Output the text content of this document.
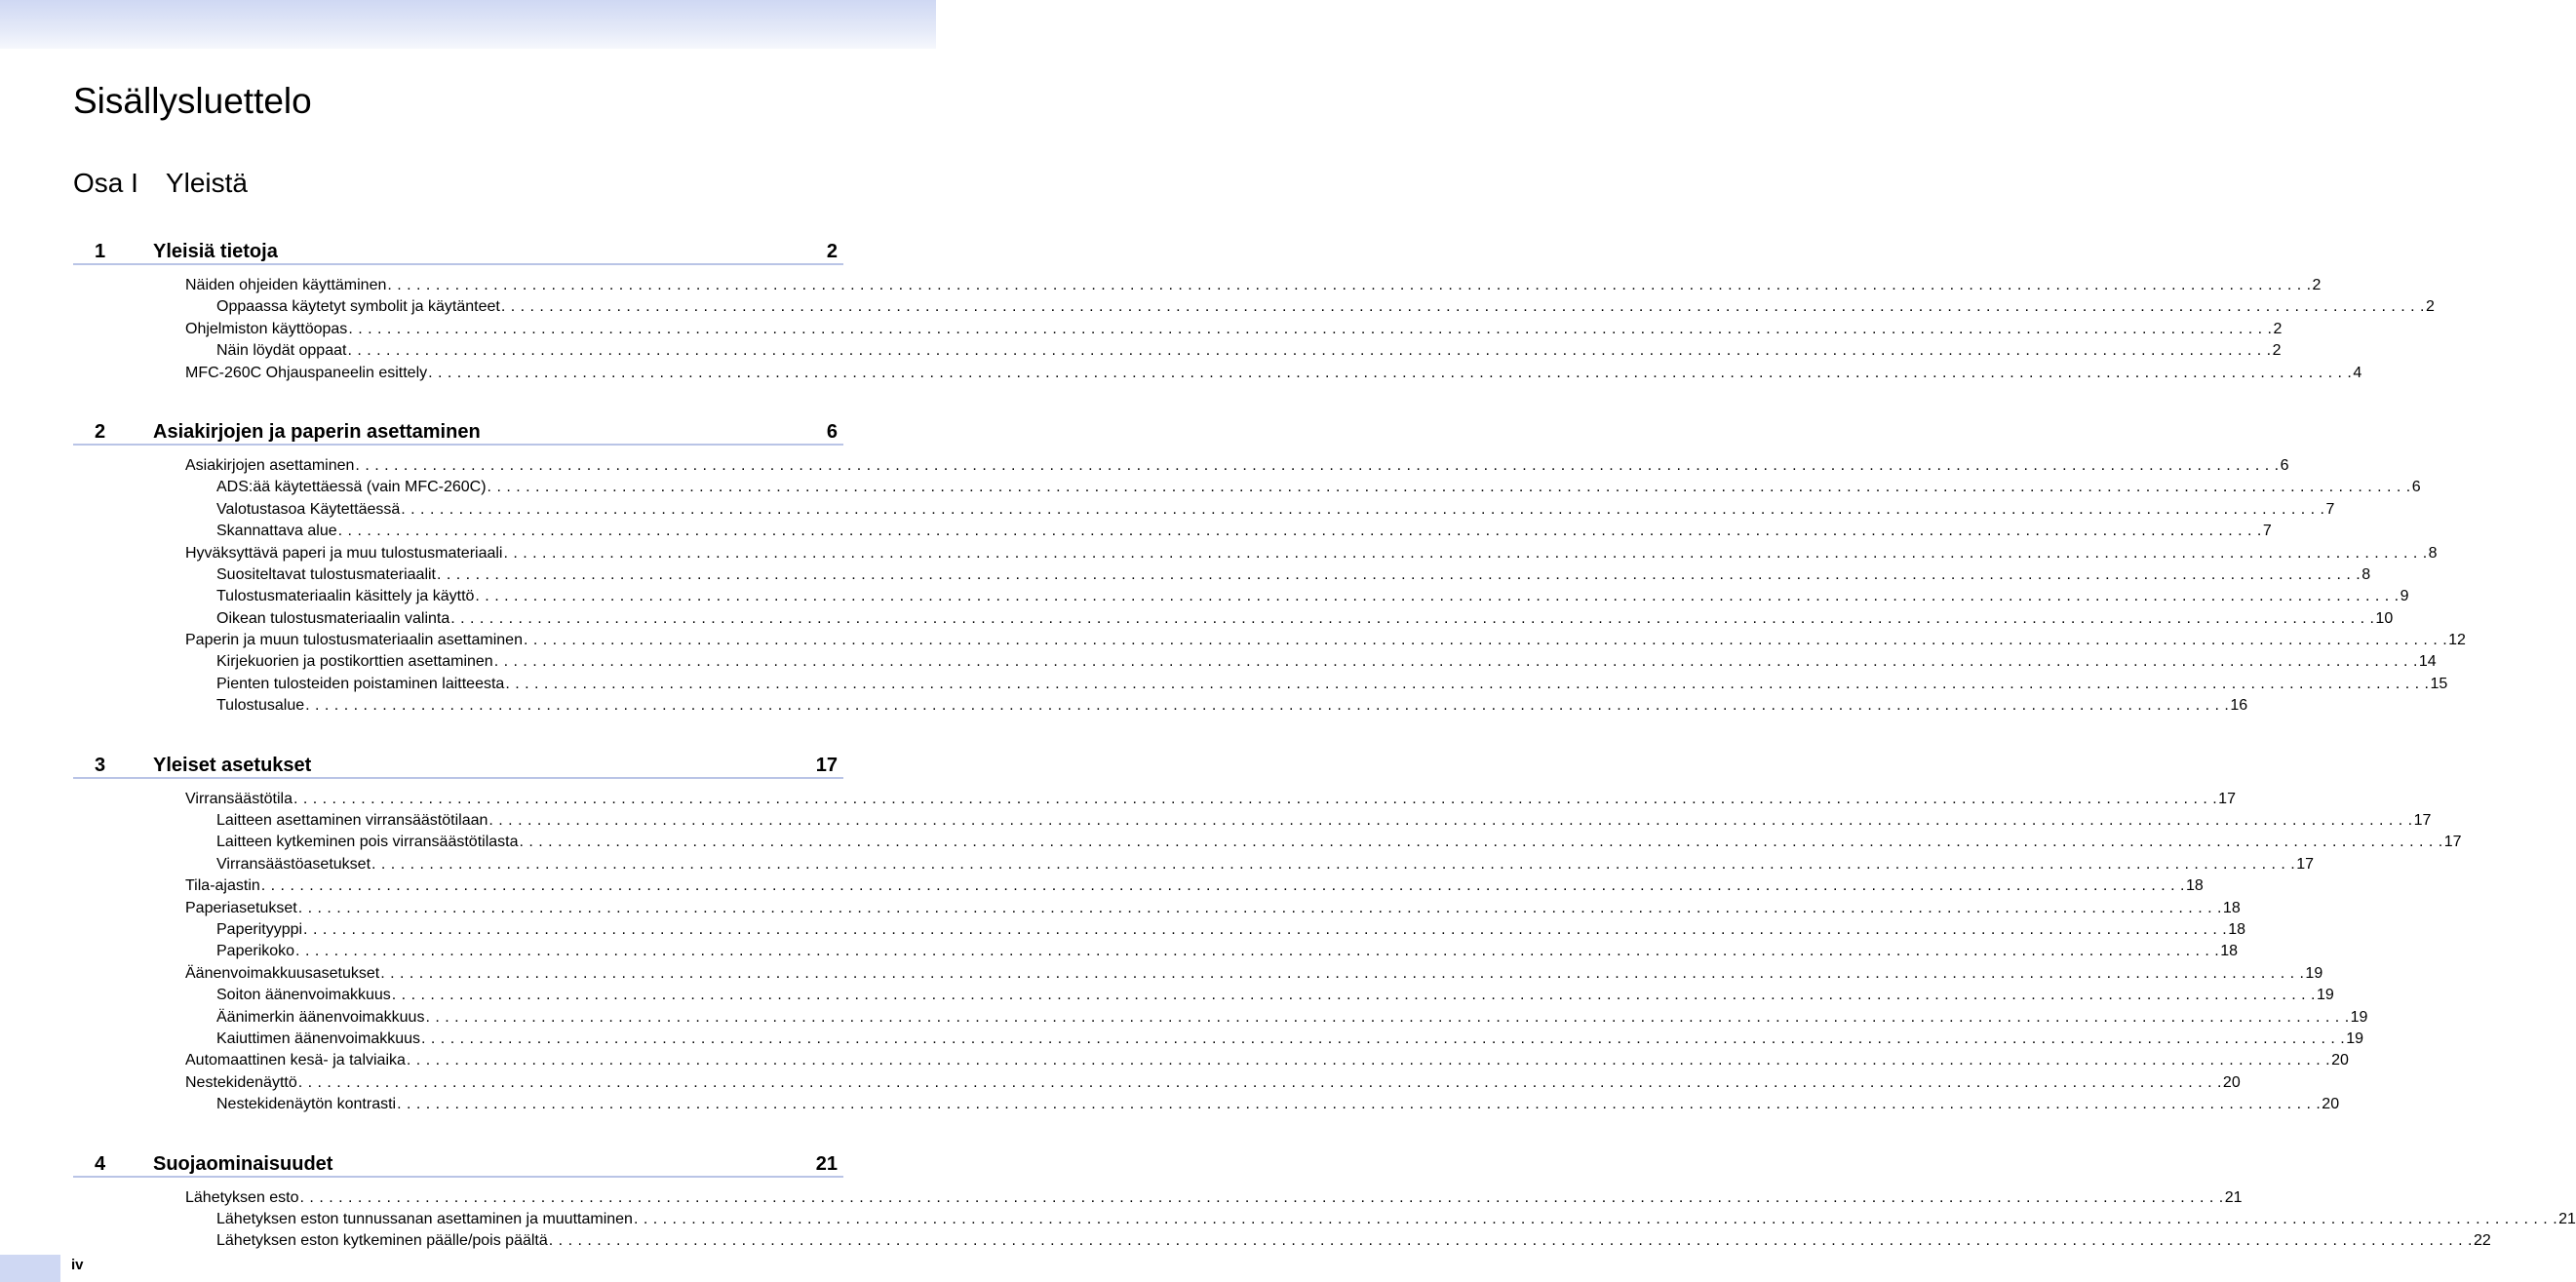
Sisällysluettelo
Osa I Yleistä
1	Yleisiä tietoja	2
Näiden ohjeiden käyttäminen . . . . . . . . . . . . . . . . . . . . . . . . . . . . . . . . . . . . . . . . . . . . . . . . . . . . . . . . . . . . . . . . . . . . . . . . . . . . . . . . . . . . . . . . . . . . . . . . . . . . . . . . . . . . . . . . . . . . . . . . . . . . . . . . . . . . . . . . . . . . . . . . . . . . . . . . . . . . . . . . . . . . . . . . . . . . . . . . . . . . . . . . . . . . . . . . . . . . . . . . 2
Oppaassa käytetyt symbolit ja käytänteet . . . . . . . . . . . . . . . . . . . . . . . . . . . . . . . . . . . . . . . . . . . . . . . . . . . . . . . . . . . . . . . . . . . . . . . . . . . . . . . . . . . . . . . . . . . . . . . . . . . . . . . . . . . . . . . . . . . . . . . . . . . . . . . . . . . . . . . . . . . . . . . . . . . . . . . . . . . . . . . . . . . . . . . . . . . . . . . . . . . . . . . . . . . . . . . . . . . . . . . . 2
Ohjelmiston käyttöopas . . . . . . . . . . . . . . . . . . . . . . . . . . . . . . . . . . . . . . . . . . . . . . . . . . . . . . . . . . . . . . . . . . . . . . . . . . . . . . . . . . . . . . . . . . . . . . . . . . . . . . . . . . . . . . . . . . . . . . . . . . . . . . . . . . . . . . . . . . . . . . . . . . . . . . . . . . . . . . . . . . . . . . . . . . . . . . . . . . . . . . . . . . . . . . . . . . . . . . . . 2
Näin löydät oppaat . . . . . . . . . . . . . . . . . . . . . . . . . . . . . . . . . . . . . . . . . . . . . . . . . . . . . . . . . . . . . . . . . . . . . . . . . . . . . . . . . . . . . . . . . . . . . . . . . . . . . . . . . . . . . . . . . . . . . . . . . . . . . . . . . . . . . . . . . . . . . . . . . . . . . . . . . . . . . . . . . . . . . . . . . . . . . . . . . . . . . . . . . . . . . . . . . . . . . . . . 2
MFC-260C Ohjauspaneelin esittely . . . . . . . . . . . . . . . . . . . . . . . . . . . . . . . . . . . . . . . . . . . . . . . . . . . . . . . . . . . . . . . . . . . . . . . . . . . . . . . . . . . . . . . . . . . . . . . . . . . . . . . . . . . . . . . . . . . . . . . . . . . . . . . . . . . . . . . . . . . . . . . . . . . . . . . . . . . . . . . . . . . . . . . . . . . . . . . . . . . . . . . . . . . . . . . . . . . . . . . . 4
2	Asiakirjojen ja paperin asettaminen	6
Asiakirjojen asettaminen . . . . . . . . . . . . . . . . . . . . . . . . . . . . . . . . . . . . . . . . . . . . . . . . . . . . . . . . . . . . . . . . . . . . . . . . . . . . . . . . . . . . . . . . . . . . . . . . . . . . . . . . . . . . . . . . . . . . . . . . . . . . . . . . . . . . . . . . . . . . . . . . . . . . . . . . . . . . . . . . . . . . . . . . . . . . . . . . . . . . . . . . . . . . . . . . . . . . . . . . 6
ADS:ää käytettäessä (vain MFC-260C) . . . . . . . . . . . . . . . . . . . . . . . . . . . . . . . . . . . . . . . . . . . . . . . . . . . . . . . . . . . . . . . . . . . . . . . . . . . . . . . . . . . . . . . . . . . . . . . . . . . . . . . . . . . . . . . . . . . . . . . . . . . . . . . . . . . . . . . . . . . . . . . . . . . . . . . . . . . . . . . . . . . . . . . . . . . . . . . . . . . . . . . . . . . . . . . . . . . . . . . . 6
Valotustasoa Käytettäessä . . . . . . . . . . . . . . . . . . . . . . . . . . . . . . . . . . . . . . . . . . . . . . . . . . . . . . . . . . . . . . . . . . . . . . . . . . . . . . . . . . . . . . . . . . . . . . . . . . . . . . . . . . . . . . . . . . . . . . . . . . . . . . . . . . . . . . . . . . . . . . . . . . . . . . . . . . . . . . . . . . . . . . . . . . . . . . . . . . . . . . . . . . . . . . . . . . . . . . . . 7
Skannattava alue . . . . . . . . . . . . . . . . . . . . . . . . . . . . . . . . . . . . . . . . . . . . . . . . . . . . . . . . . . . . . . . . . . . . . . . . . . . . . . . . . . . . . . . . . . . . . . . . . . . . . . . . . . . . . . . . . . . . . . . . . . . . . . . . . . . . . . . . . . . . . . . . . . . . . . . . . . . . . . . . . . . . . . . . . . . . . . . . . . . . . . . . . . . . . . . . . . . . . . . . 7
Hyväksyttävä paperi ja muu tulostusmateriaali . . . . . . . . . . . . . . . . . . . . . . . . . . . . . . . . . . . . . . . . . . . . . . . . . . . . . . . . . . . . . . . . . . . . . . . . . . . . . . . . . . . . . . . . . . . . . . . . . . . . . . . . . . . . . . . . . . . . . . . . . . . . . . . . . . . . . . . . . . . . . . . . . . . . . . . . . . . . . . . . . . . . . . . . . . . . . . . . . . . . . . . . . . . . . . . . . . . . . . . . 8
Suositeltavat tulostusmateriaalit . . . . . . . . . . . . . . . . . . . . . . . . . . . . . . . . . . . . . . . . . . . . . . . . . . . . . . . . . . . . . . . . . . . . . . . . . . . . . . . . . . . . . . . . . . . . . . . . . . . . . . . . . . . . . . . . . . . . . . . . . . . . . . . . . . . . . . . . . . . . . . . . . . . . . . . . . . . . . . . . . . . . . . . . . . . . . . . . . . . . . . . . . . . . . . . . . . . . . . . . 8
Tulostusmateriaalin käsittely ja käyttö . . . . . . . . . . . . . . . . . . . . . . . . . . . . . . . . . . . . . . . . . . . . . . . . . . . . . . . . . . . . . . . . . . . . . . . . . . . . . . . . . . . . . . . . . . . . . . . . . . . . . . . . . . . . . . . . . . . . . . . . . . . . . . . . . . . . . . . . . . . . . . . . . . . . . . . . . . . . . . . . . . . . . . . . . . . . . . . . . . . . . . . . . . . . . . . . . . . . . . . . 9
Oikean tulostusmateriaalin valinta . . . . . . . . . . . . . . . . . . . . . . . . . . . . . . . . . . . . . . . . . . . . . . . . . . . . . . . . . . . . . . . . . . . . . . . . . . . . . . . . . . . . . . . . . . . . . . . . . . . . . . . . . . . . . . . . . . . . . . . . . . . . . . . . . . . . . . . . . . . . . . . . . . . . . . . . . . . . . . . . . . . . . . . . . . . . . . . . . . . . . . . . . . . . . . . . . . . . . . . . 10
Paperin ja muun tulostusmateriaalin asettaminen . . . . . . . . . . . . . . . . . . . . . . . . . . . . . . . . . . . . . . . . . . . . . . . . . . . . . . . . . . . . . . . . . . . . . . . . . . . . . . . . . . . . . . . . . . . . . . . . . . . . . . . . . . . . . . . . . . . . . . . . . . . . . . . . . . . . . . . . . . . . . . . . . . . . . . . . . . . . . . . . . . . . . . . . . . . . . . . . . . . . . . . . . . . . . . . . . . . . . . . . 12
Kirjekuorien ja postikorttien asettaminen . . . . . . . . . . . . . . . . . . . . . . . . . . . . . . . . . . . . . . . . . . . . . . . . . . . . . . . . . . . . . . . . . . . . . . . . . . . . . . . . . . . . . . . . . . . . . . . . . . . . . . . . . . . . . . . . . . . . . . . . . . . . . . . . . . . . . . . . . . . . . . . . . . . . . . . . . . . . . . . . . . . . . . . . . . . . . . . . . . . . . . . . . . . . . . . . . . . . . . . . 14
Pienten tulosteiden poistaminen laitteesta . . . . . . . . . . . . . . . . . . . . . . . . . . . . . . . . . . . . . . . . . . . . . . . . . . . . . . . . . . . . . . . . . . . . . . . . . . . . . . . . . . . . . . . . . . . . . . . . . . . . . . . . . . . . . . . . . . . . . . . . . . . . . . . . . . . . . . . . . . . . . . . . . . . . . . . . . . . . . . . . . . . . . . . . . . . . . . . . . . . . . . . . . . . . . . . . . . . . . . . . 15
Tulostusalue . . . . . . . . . . . . . . . . . . . . . . . . . . . . . . . . . . . . . . . . . . . . . . . . . . . . . . . . . . . . . . . . . . . . . . . . . . . . . . . . . . . . . . . . . . . . . . . . . . . . . . . . . . . . . . . . . . . . . . . . . . . . . . . . . . . . . . . . . . . . . . . . . . . . . . . . . . . . . . . . . . . . . . . . . . . . . . . . . . . . . . . . . . . . . . . . . . . . . . . . 16
3	Yleiset asetukset	17
Virransäästötila . . . . . . . . . . . . . . . . . . . . . . . . . . . . . . . . . . . . . . . . . . . . . . . . . . . . . . . . . . . . . . . . . . . . . . . . . . . . . . . . . . . . . . . . . . . . . . . . . . . . . . . . . . . . . . . . . . . . . . . . . . . . . . . . . . . . . . . . . . . . . . . . . . . . . . . . . . . . . . . . . . . . . . . . . . . . . . . . . . . . . . . . . . . . . . . . . . . . . . . . 17
Laitteen asettaminen virransäästötilaan . . . . . . . . . . . . . . . . . . . . . . . . . . . . . . . . . . . . . . . . . . . . . . . . . . . . . . . . . . . . . . . . . . . . . . . . . . . . . . . . . . . . . . . . . . . . . . . . . . . . . . . . . . . . . . . . . . . . . . . . . . . . . . . . . . . . . . . . . . . . . . . . . . . . . . . . . . . . . . . . . . . . . . . . . . . . . . . . . . . . . . . . . . . . . . . . . . . . . . . . 17
Laitteen kytkeminen pois virransäästötilasta . . . . . . . . . . . . . . . . . . . . . . . . . . . . . . . . . . . . . . . . . . . . . . . . . . . . . . . . . . . . . . . . . . . . . . . . . . . . . . . . . . . . . . . . . . . . . . . . . . . . . . . . . . . . . . . . . . . . . . . . . . . . . . . . . . . . . . . . . . . . . . . . . . . . . . . . . . . . . . . . . . . . . . . . . . . . . . . . . . . . . . . . . . . . . . . . . . . . . . . . 17
Virransäästöasetukset . . . . . . . . . . . . . . . . . . . . . . . . . . . . . . . . . . . . . . . . . . . . . . . . . . . . . . . . . . . . . . . . . . . . . . . . . . . . . . . . . . . . . . . . . . . . . . . . . . . . . . . . . . . . . . . . . . . . . . . . . . . . . . . . . . . . . . . . . . . . . . . . . . . . . . . . . . . . . . . . . . . . . . . . . . . . . . . . . . . . . . . . . . . . . . . . . . . . . . . . 17
Tila-ajastin . . . . . . . . . . . . . . . . . . . . . . . . . . . . . . . . . . . . . . . . . . . . . . . . . . . . . . . . . . . . . . . . . . . . . . . . . . . . . . . . . . . . . . . . . . . . . . . . . . . . . . . . . . . . . . . . . . . . . . . . . . . . . . . . . . . . . . . . . . . . . . . . . . . . . . . . . . . . . . . . . . . . . . . . . . . . . . . . . . . . . . . . . . . . . . . . . . . . . . . . 18
Paperiasetukset . . . . . . . . . . . . . . . . . . . . . . . . . . . . . . . . . . . . . . . . . . . . . . . . . . . . . . . . . . . . . . . . . . . . . . . . . . . . . . . . . . . . . . . . . . . . . . . . . . . . . . . . . . . . . . . . . . . . . . . . . . . . . . . . . . . . . . . . . . . . . . . . . . . . . . . . . . . . . . . . . . . . . . . . . . . . . . . . . . . . . . . . . . . . . . . . . . . . . . . . 18
Paperityyppi . . . . . . . . . . . . . . . . . . . . . . . . . . . . . . . . . . . . . . . . . . . . . . . . . . . . . . . . . . . . . . . . . . . . . . . . . . . . . . . . . . . . . . . . . . . . . . . . . . . . . . . . . . . . . . . . . . . . . . . . . . . . . . . . . . . . . . . . . . . . . . . . . . . . . . . . . . . . . . . . . . . . . . . . . . . . . . . . . . . . . . . . . . . . . . . . . . . . . . . . 18
Paperikoko . . . . . . . . . . . . . . . . . . . . . . . . . . . . . . . . . . . . . . . . . . . . . . . . . . . . . . . . . . . . . . . . . . . . . . . . . . . . . . . . . . . . . . . . . . . . . . . . . . . . . . . . . . . . . . . . . . . . . . . . . . . . . . . . . . . . . . . . . . . . . . . . . . . . . . . . . . . . . . . . . . . . . . . . . . . . . . . . . . . . . . . . . . . . . . . . . . . . . . . . 18
Äänenvoimakkuusasetukset . . . . . . . . . . . . . . . . . . . . . . . . . . . . . . . . . . . . . . . . . . . . . . . . . . . . . . . . . . . . . . . . . . . . . . . . . . . . . . . . . . . . . . . . . . . . . . . . . . . . . . . . . . . . . . . . . . . . . . . . . . . . . . . . . . . . . . . . . . . . . . . . . . . . . . . . . . . . . . . . . . . . . . . . . . . . . . . . . . . . . . . . . . . . . . . . . . . . . . . . 19
Soiton äänenvoimakkuus . . . . . . . . . . . . . . . . . . . . . . . . . . . . . . . . . . . . . . . . . . . . . . . . . . . . . . . . . . . . . . . . . . . . . . . . . . . . . . . . . . . . . . . . . . . . . . . . . . . . . . . . . . . . . . . . . . . . . . . . . . . . . . . . . . . . . . . . . . . . . . . . . . . . . . . . . . . . . . . . . . . . . . . . . . . . . . . . . . . . . . . . . . . . . . . . . . . . . . . . 19
Äänimerkin äänenvoimakkuus . . . . . . . . . . . . . . . . . . . . . . . . . . . . . . . . . . . . . . . . . . . . . . . . . . . . . . . . . . . . . . . . . . . . . . . . . . . . . . . . . . . . . . . . . . . . . . . . . . . . . . . . . . . . . . . . . . . . . . . . . . . . . . . . . . . . . . . . . . . . . . . . . . . . . . . . . . . . . . . . . . . . . . . . . . . . . . . . . . . . . . . . . . . . . . . . . . . . . . . . 19
Kaiuttimen äänenvoimakkuus . . . . . . . . . . . . . . . . . . . . . . . . . . . . . . . . . . . . . . . . . . . . . . . . . . . . . . . . . . . . . . . . . . . . . . . . . . . . . . . . . . . . . . . . . . . . . . . . . . . . . . . . . . . . . . . . . . . . . . . . . . . . . . . . . . . . . . . . . . . . . . . . . . . . . . . . . . . . . . . . . . . . . . . . . . . . . . . . . . . . . . . . . . . . . . . . . . . . . . . . 19
Automaattinen kesä- ja talviaika . . . . . . . . . . . . . . . . . . . . . . . . . . . . . . . . . . . . . . . . . . . . . . . . . . . . . . . . . . . . . . . . . . . . . . . . . . . . . . . . . . . . . . . . . . . . . . . . . . . . . . . . . . . . . . . . . . . . . . . . . . . . . . . . . . . . . . . . . . . . . . . . . . . . . . . . . . . . . . . . . . . . . . . . . . . . . . . . . . . . . . . . . . . . . . . . . . . . . . . . 20
Nestekidenäyttö . . . . . . . . . . . . . . . . . . . . . . . . . . . . . . . . . . . . . . . . . . . . . . . . . . . . . . . . . . . . . . . . . . . . . . . . . . . . . . . . . . . . . . . . . . . . . . . . . . . . . . . . . . . . . . . . . . . . . . . . . . . . . . . . . . . . . . . . . . . . . . . . . . . . . . . . . . . . . . . . . . . . . . . . . . . . . . . . . . . . . . . . . . . . . . . . . . . . . . . . 20
Nestekidenäytön kontrasti . . . . . . . . . . . . . . . . . . . . . . . . . . . . . . . . . . . . . . . . . . . . . . . . . . . . . . . . . . . . . . . . . . . . . . . . . . . . . . . . . . . . . . . . . . . . . . . . . . . . . . . . . . . . . . . . . . . . . . . . . . . . . . . . . . . . . . . . . . . . . . . . . . . . . . . . . . . . . . . . . . . . . . . . . . . . . . . . . . . . . . . . . . . . . . . . . . . . . . . . 20
4	Suojaominaisuudet	21
Lähetyksen esto . . . . . . . . . . . . . . . . . . . . . . . . . . . . . . . . . . . . . . . . . . . . . . . . . . . . . . . . . . . . . . . . . . . . . . . . . . . . . . . . . . . . . . . . . . . . . . . . . . . . . . . . . . . . . . . . . . . . . . . . . . . . . . . . . . . . . . . . . . . . . . . . . . . . . . . . . . . . . . . . . . . . . . . . . . . . . . . . . . . . . . . . . . . . . . . . . . . . . . . . 21
Lähetyksen eston tunnussanan asettaminen ja muuttaminen . . . . . . . . . . . . . . . . . . . . . . . . . . . . . . . . . . . . . . . . . . . . . . . . . . . . . . . . . . . . . . . . . . . . . . . . . . . . . . . . . . . . . . . . . . . . . . . . . . . . . . . . . . . . . . . . . . . . . . . . . . . . . . . . . . . . . . . . . . . . . . . . . . . . . . . . . . . . . . . . . . . . . . . . . . . . . . . . . . . . . . . . . . . . . . . . . . . . . . . . 21
Lähetyksen eston kytkeminen päälle/pois päältä . . . . . . . . . . . . . . . . . . . . . . . . . . . . . . . . . . . . . . . . . . . . . . . . . . . . . . . . . . . . . . . . . . . . . . . . . . . . . . . . . . . . . . . . . . . . . . . . . . . . . . . . . . . . . . . . . . . . . . . . . . . . . . . . . . . . . . . . . . . . . . . . . . . . . . . . . . . . . . . . . . . . . . . . . . . . . . . . . . . . . . . . . . . . . . . . . . . . . . . . 22
iv
